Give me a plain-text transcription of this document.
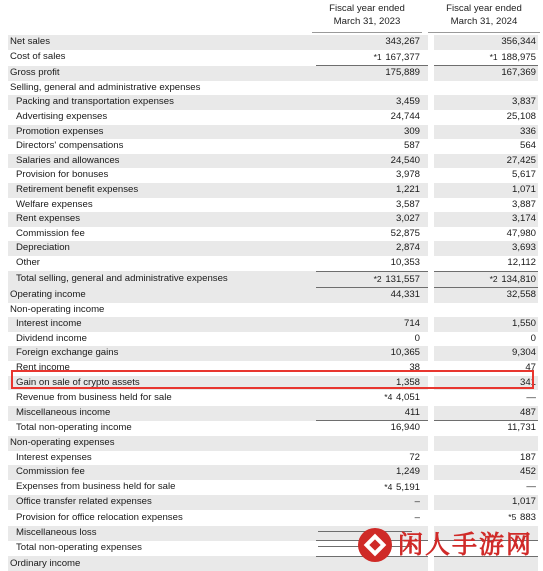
Fiscal year ended
March 31, 2023
Fiscal year ended
March 31, 2024
Net sales	343,267		356,344
Cost of sales	*1 167,377		*1 188,975
Gross profit	175,889		167,369
Selling, general and administrative expenses			
Packing and transportation expenses	3,459		3,837
Advertising expenses	24,744		25,108
Promotion expenses	309		336
Directors' compensations	587		564
Salaries and allowances	24,540		27,425
Provision for bonuses	3,978		5,617
Retirement benefit expenses	1,221		1,071
Welfare expenses	3,587		3,887
Rent expenses	3,027		3,174
Commission fee	52,875		47,980
Depreciation	2,874		3,693
Other	10,353		12,112
Total selling, general and administrative expenses	*2 131,557		*2 134,810
Operating income	44,331		32,558
Non-operating income			
Interest income	714		1,550
Dividend income	0		0
Foreign exchange gains	10,365		9,304
Rent income	38		47
Gain on sale of crypto assets	1,358		341
Revenue from business held for sale	*4 4,051		—
Miscellaneous income	411		487
Total non-operating income	16,940		11,731
Non-operating expenses			
Interest expenses	72		187
Commission fee	1,249		452
Expenses from business held for sale	*4 5,191		—
Office transfer related expenses	–		1,017
Provision for office relocation expenses	–		*5 883
Miscellaneous loss			
Total non-operating expenses			
Ordinary income			
闲人手游网
